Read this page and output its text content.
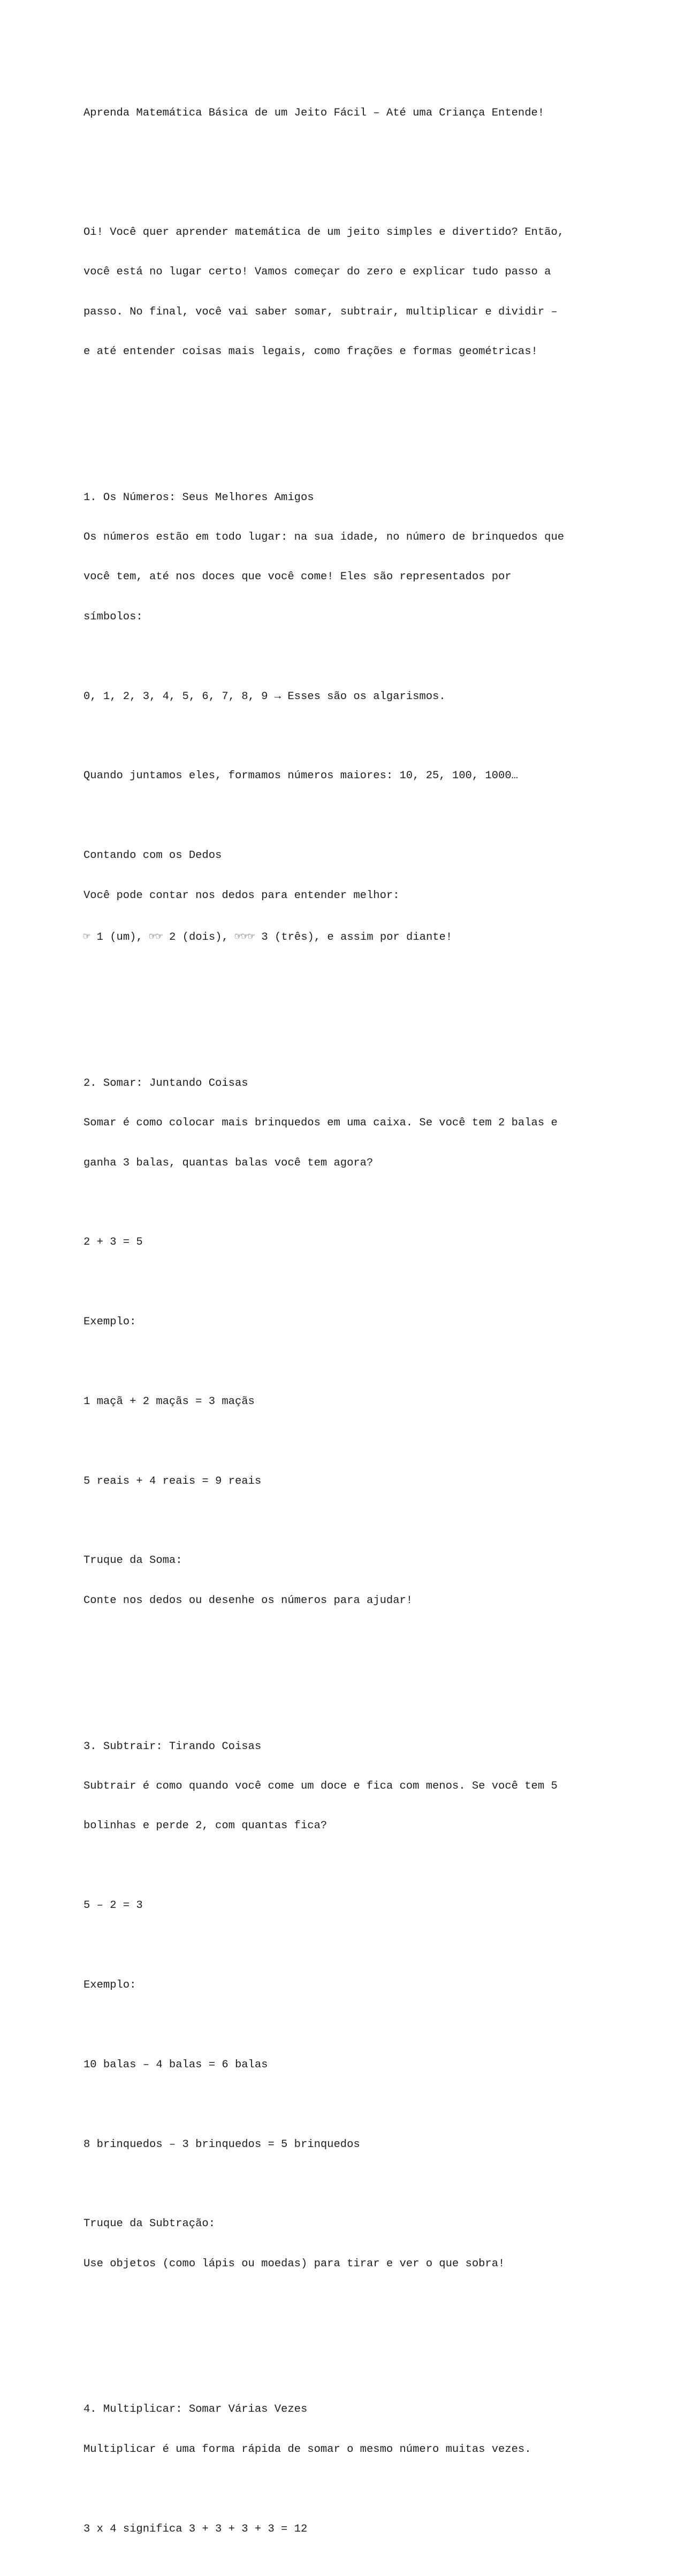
Aprenda Matemática Básica de um Jeito Fácil – Até uma Criança Entende!

Oi! Você quer aprender matemática de um jeito simples e divertido? Então,

você está no lugar certo! Vamos começar do zero e explicar tudo passo a

passo. No final, você vai saber somar, subtrair, multiplicar e dividir –

e até entender coisas mais legais, como frações e formas geométricas!

1. Os Números: Seus Melhores Amigos

Os números estão em todo lugar: na sua idade, no número de brinquedos que

você tem, até nos doces que você come! Eles são representados por

símbolos:

0, 1, 2, 3, 4, 5, 6, 7, 8, 9 → Esses são os algarismos.

Quando juntamos eles, formamos números maiores: 10, 25, 100, 1000…

Contando com os Dedos

Você pode contar nos dedos para entender melhor:

☞ 1 (um), ☞☞ 2 (dois), ☞☞☞ 3 (três), e assim por diante!

2. Somar: Juntando Coisas

Somar é como colocar mais brinquedos em uma caixa. Se você tem 2 balas e

ganha 3 balas, quantas balas você tem agora?

2 + 3 = 5

Exemplo:

1 maçã + 2 maçãs = 3 maçãs

5 reais + 4 reais = 9 reais

Truque da Soma:

Conte nos dedos ou desenhe os números para ajudar!

3. Subtrair: Tirando Coisas

Subtrair é como quando você come um doce e fica com menos. Se você tem 5

bolinhas e perde 2, com quantas fica?

5 – 2 = 3

Exemplo:

10 balas – 4 balas = 6 balas

8 brinquedos – 3 brinquedos = 5 brinquedos

Truque da Subtração:

Use objetos (como lápis ou moedas) para tirar e ver o que sobra!

4. Multiplicar: Somar Várias Vezes

Multiplicar é uma forma rápida de somar o mesmo número muitas vezes.

3 x 4 significa 3 + 3 + 3 + 3 = 12
